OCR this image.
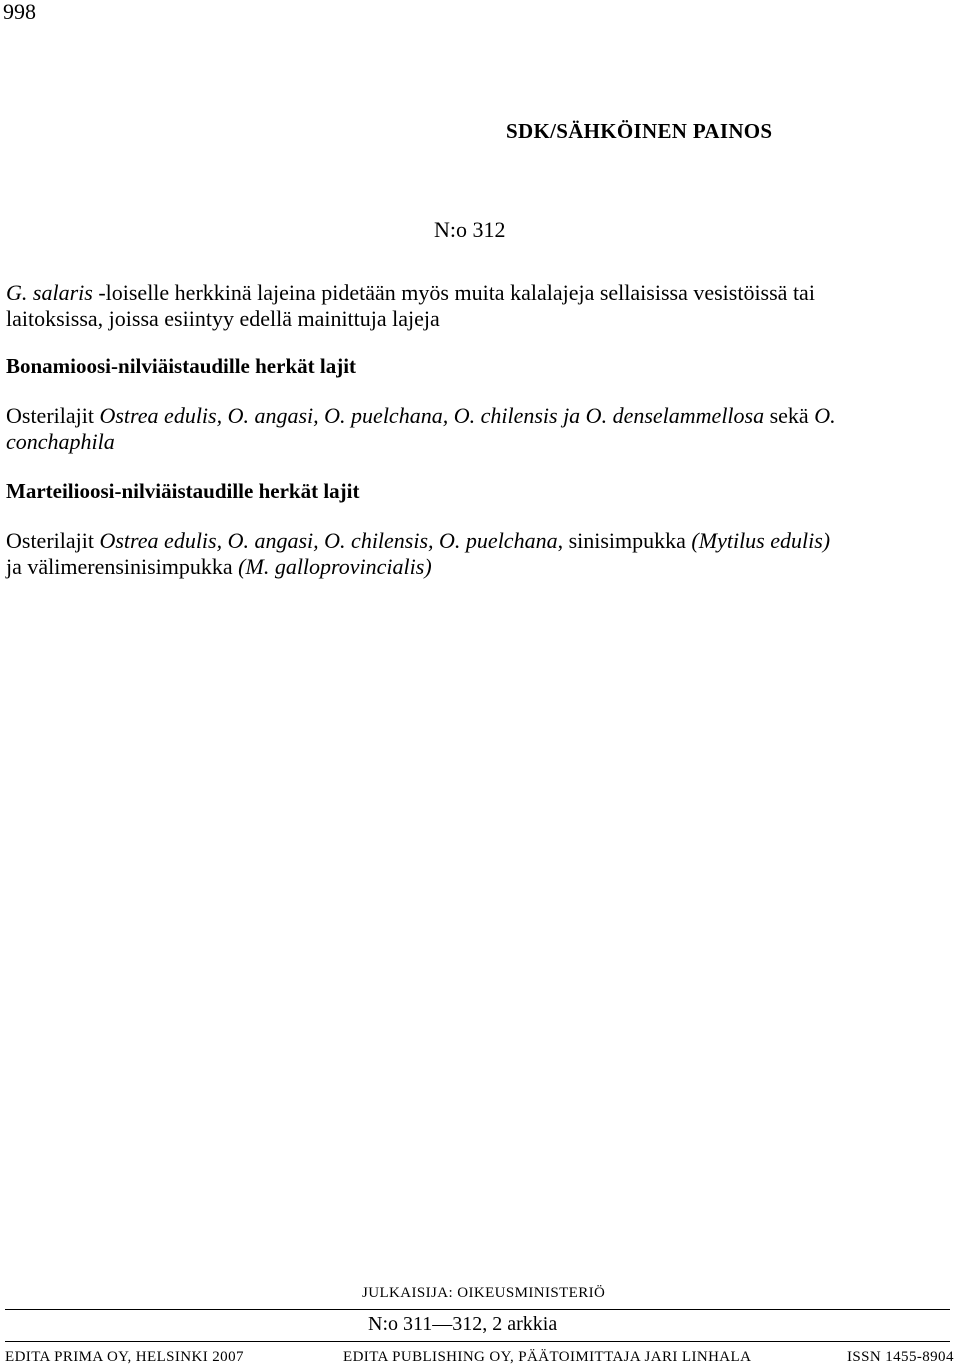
998
SDK/SÄHKÖINEN PAINOS
N:o 312
G. salaris -loiselle herkkinä lajeina pidetään myös muita kalalajeja sellaisissa vesistöissä tai
laitoksissa, joissa esiintyy edellä mainittuja lajeja
Bonamioosi-nilviäistaudille herkät lajit
Osterilajit Ostrea edulis, O. angasi, O. puelchana, O. chilensis ja O. denselammellosa sekä O.
conchaphila
Marteilioosi-nilviäistaudille herkät lajit
Osterilajit Ostrea edulis, O. angasi, O. chilensis, O. puelchana, sinisimpukka (Mytilus edulis)
ja välimerensinisimpukka (M. galloprovincialis)
JULKAISIJA: OIKEUSMINISTERIÖ
N:o 311—312, 2 arkkia
EDITA PRIMA OY, HELSINKI 2007	EDITA PUBLISHING OY, PÄÄTOIMITTAJA JARI LINHALA	ISSN 1455-8904
